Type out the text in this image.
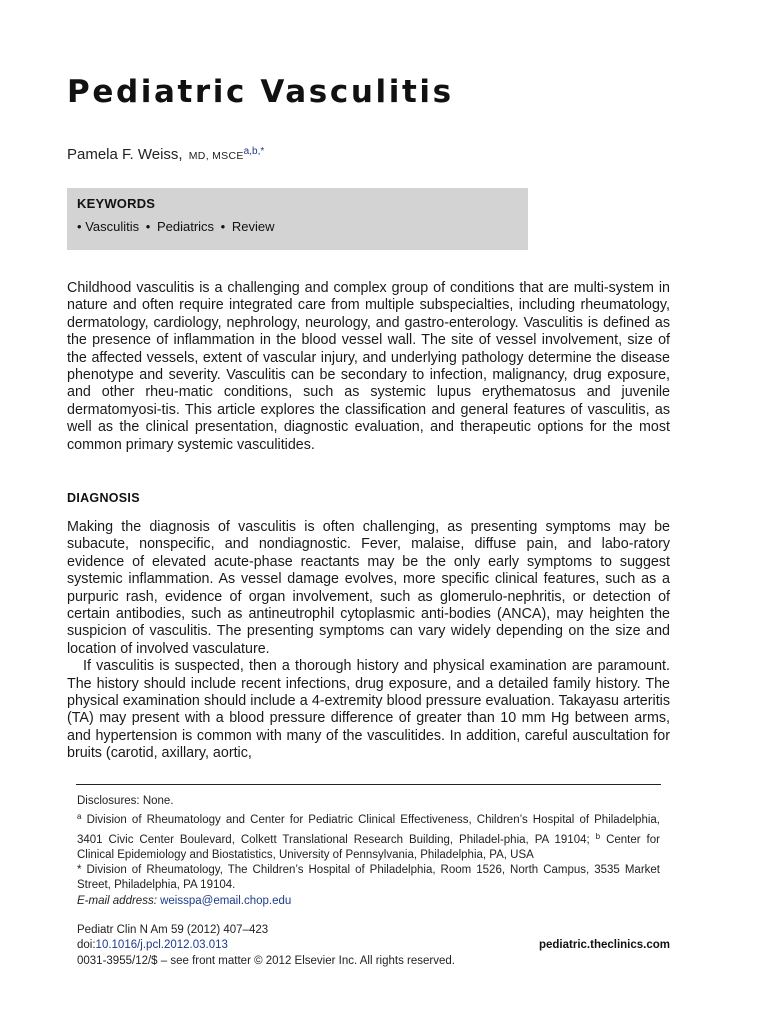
Pediatric Vasculitis
Pamela F. Weiss, MD, $MSCE^{a,b,*}$
KEYWORDS
• Vasculitis • Pediatrics • Review

Childhood vasculitis is a challenging and complex group of conditions that are multi-system in nature and often require integrated care from multiple subspecialties, including rheumatology, dermatology, cardiology, nephrology, neurology, and gastro-enterology. Vasculitis is defined as the presence of inflammation in the blood vessel wall. The site of vessel involvement, size of the affected vessels, extent of vascular injury, and underlying pathology determine the disease phenotype and severity. Vasculitis can be secondary to infection, malignancy, drug exposure, and other rheu-matic conditions, such as systemic lupus erythematosus and juvenile dermatomyosi-tis. This article explores the classification and general features of vasculitis, as well as the clinical presentation, diagnostic evaluation, and therapeutic options for the most common primary systemic vasculitides.

DIAGNOSIS

Making the diagnosis of vasculitis is often challenging, as presenting symptoms may be subacute, nonspecific, and nondiagnostic. Fever, malaise, diffuse pain, and labo-ratory evidence of elevated acute-phase reactants may be the only early symptoms to suggest systemic inflammation. As vessel damage evolves, more specific clinical features, such as a purpuric rash, evidence of organ involvement, such as glomerulo-nephritis, or detection of certain antibodies, such as antineutrophil cytoplasmic anti-bodies (ANCA), may heighten the suspicion of vasculitis. The presenting symptoms can vary widely depending on the size and location of involved vasculature.

If vasculitis is suspected, then a thorough history and physical examination are paramount. The history should include recent infections, drug exposure, and a detailed family history. The physical examination should include a 4-extremity blood pressure evaluation. Takayasu arteritis (TA) may present with a blood pressure difference of greater than 10 mm Hg between arms, and hypertension is common with many of the vasculitides. In addition, careful auscultation for bruits (carotid, axillary, aortic,

Disclosures: None.

$^a$ Division of Rheumatology and Center for Pediatric Clinical Effectiveness, Children’s Hospital of Philadelphia, 3401 Civic Center Boulevard, Colkett Translational Research Building, Philadel-phia, PA 19104; $^b$ Center for Clinical Epidemiology and Biostatistics, University of Pennsylvania, Philadelphia, PA, USA

* Division of Rheumatology, The Children’s Hospital of Philadelphia, Room 1526, North Campus, 3535 Market Street, Philadelphia, PA 19104.

E-mail address: weisspa@email.chop.edu

Pediatr Clin N Am 59 (2012) 407–423
doi:10.1016/j.pcl.2012.03.013	pediatric.theclinics.com
0031-3955/12/$ – see front matter © 2012 Elsevier Inc. All rights reserved.
